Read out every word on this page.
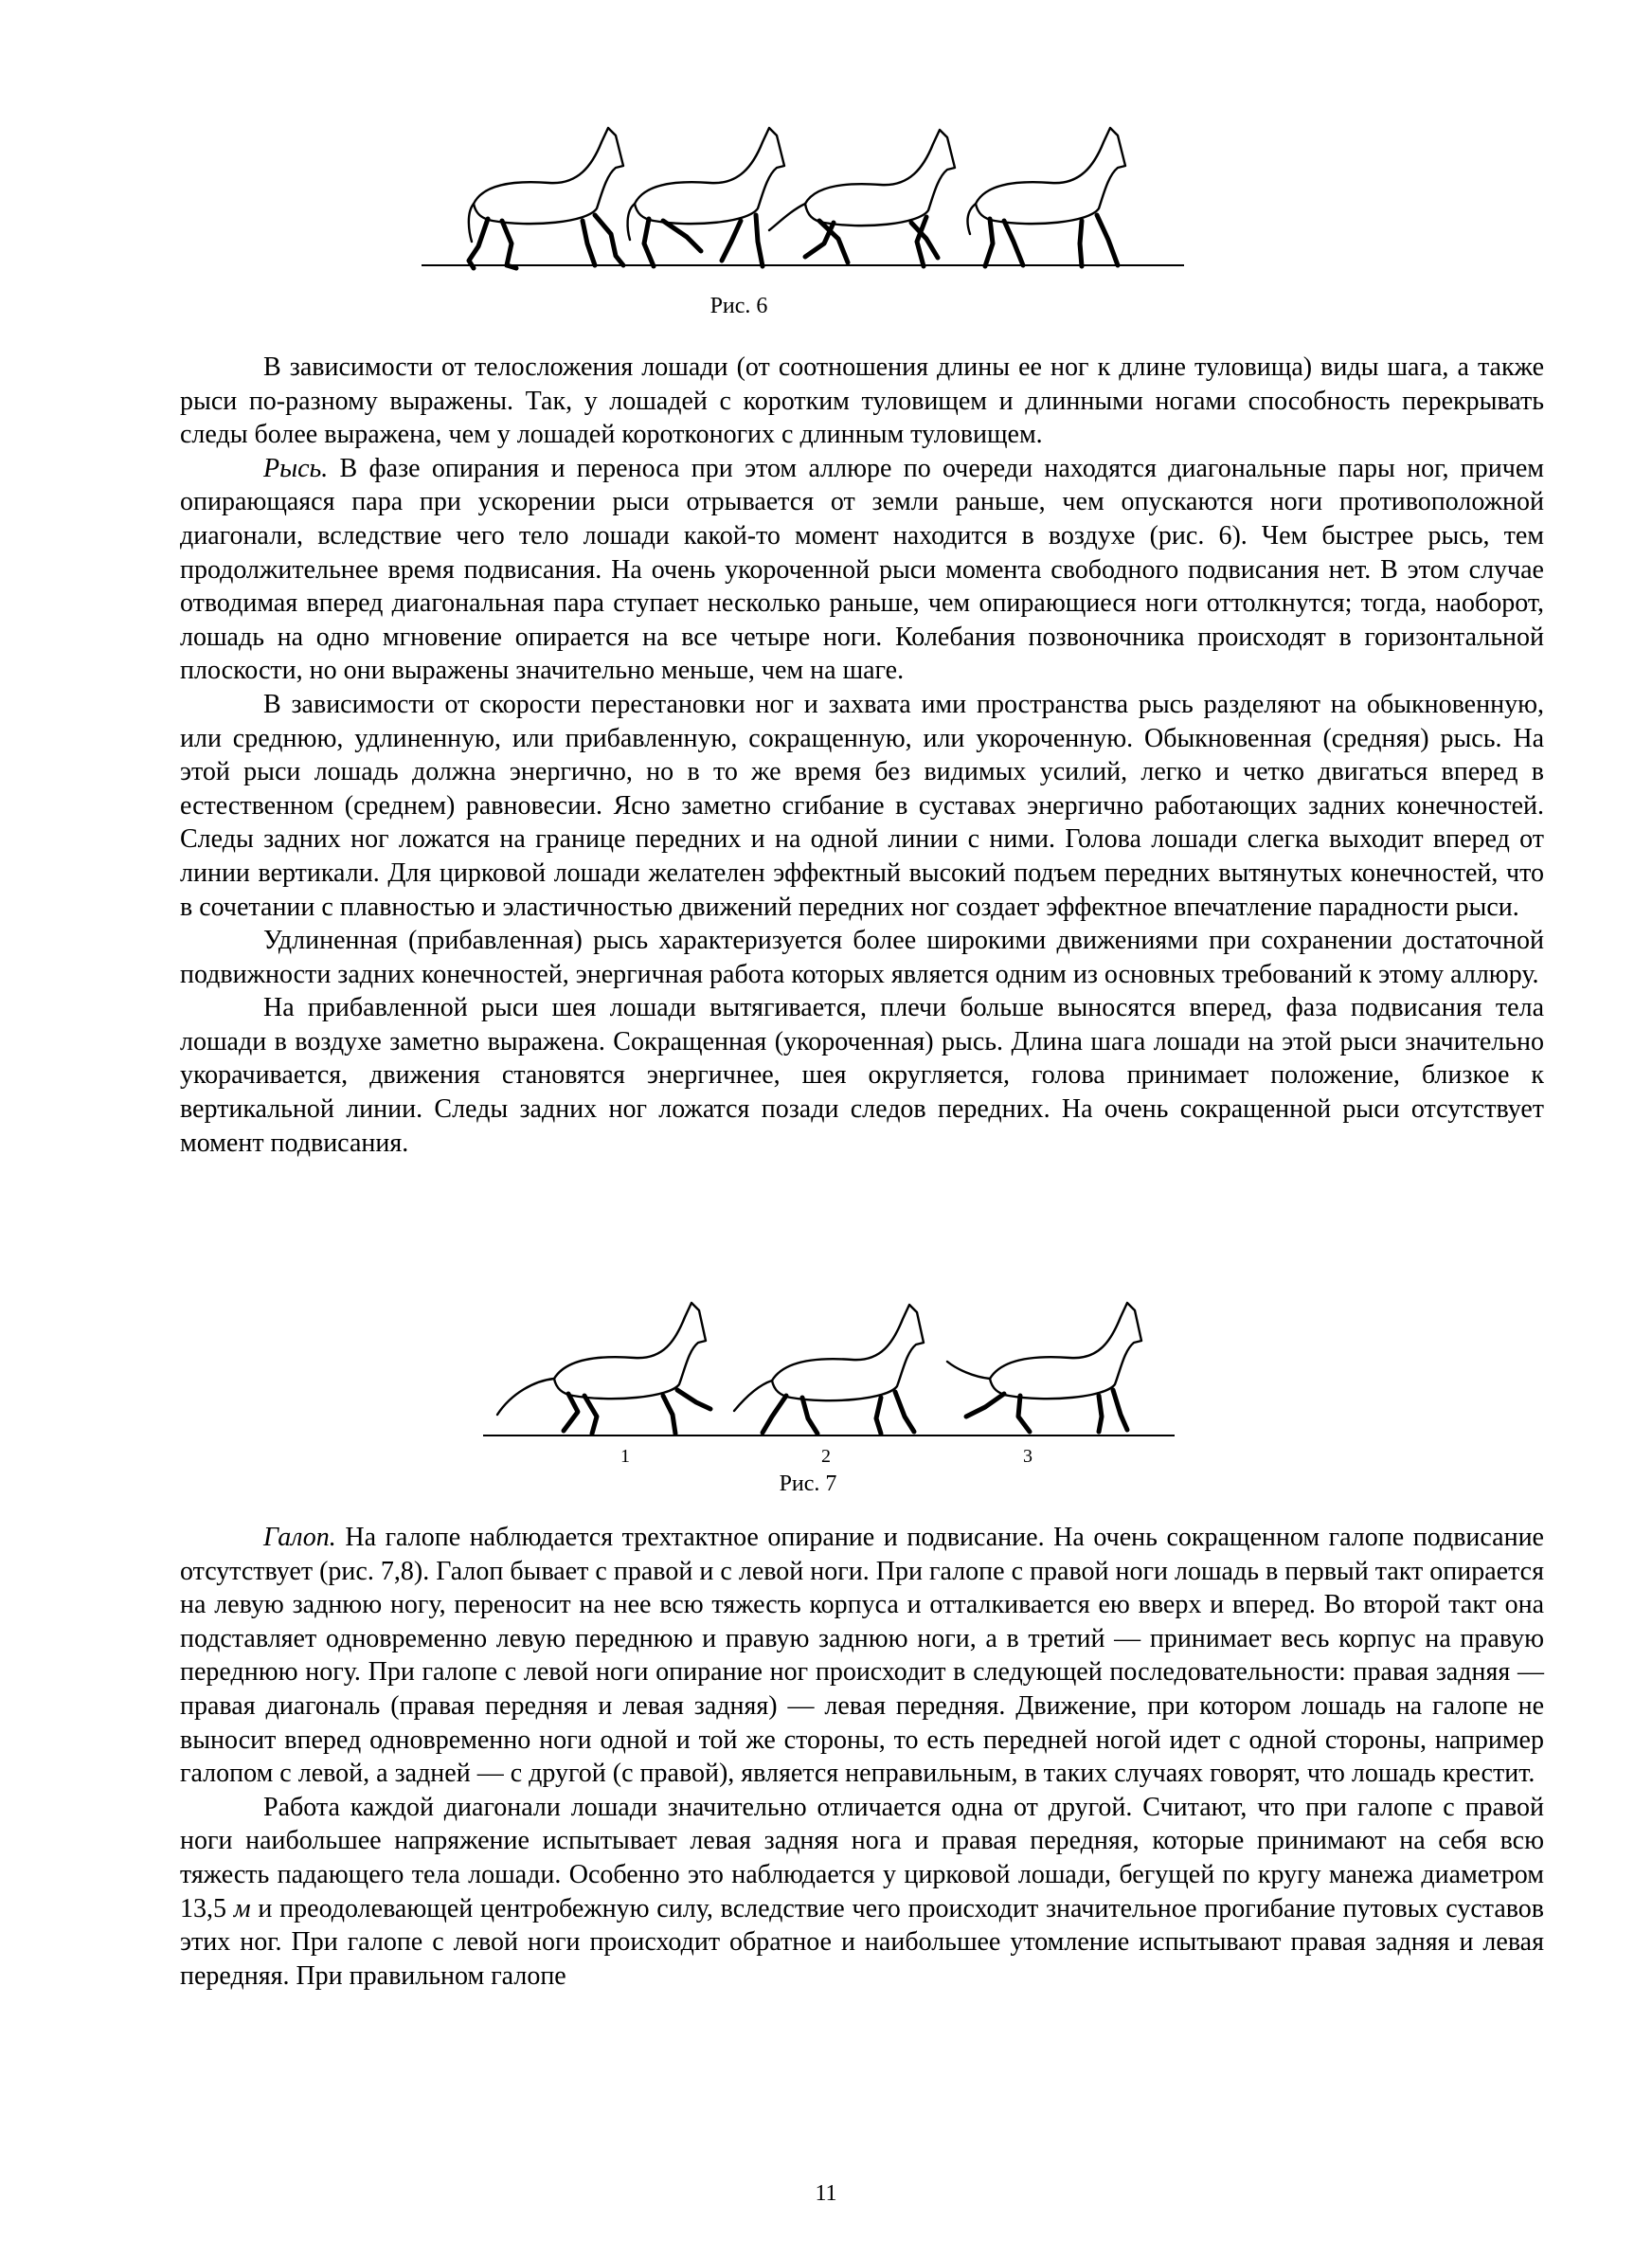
Рис. 6

В зависимости от телосложения лошади (от соотношения длины ее ног к длине туловища) виды шага, а также рыси по-разному выражены. Так, у лошадей с коротким туловищем и длинными ногами способность перекрывать следы более выражена, чем у лошадей коротконогих с длинным туловищем.

Рысь. В фазе опирания и переноса при этом аллюре по очереди находятся диагональные пары ног, причем опирающаяся пара при ускорении рыси отрывается от земли раньше, чем опускаются ноги противоположной диагонали, вследствие чего тело лошади какой-то момент находится в воздухе (рис. 6). Чем быстрее рысь, тем продолжительнее время подвисания. На очень укороченной рыси момента свободного подвисания нет. В этом случае отводимая вперед диагональная пара ступает несколько раньше, чем опирающиеся ноги оттолкнутся; тогда, наоборот, лошадь на одно мгновение опирается на все четыре ноги. Колебания позвоночника происходят в горизонтальной плоскости, но они выражены значительно меньше, чем на шаге.

В зависимости от скорости перестановки ног и захвата ими пространства рысь разделяют на обыкновенную, или среднюю, удлиненную, или прибавленную, сокращенную, или укороченную. Обыкновенная (средняя) рысь. На этой рыси лошадь должна энергично, но в то же время без видимых усилий, легко и четко двигаться вперед в естественном (среднем) равновесии. Ясно заметно сгибание в суставах энергично работающих задних конечностей. Следы задних ног ложатся на границе передних и на одной линии с ними. Голова лошади слегка выходит вперед от линии вертикали. Для цирковой лошади желателен эффектный высокий подъем передних вытянутых конечностей, что в сочетании с плавностью и эластичностью движений передних ног создает эффектное впечатление парадности рыси.

Удлиненная (прибавленная) рысь характеризуется более широкими движениями при сохранении достаточной подвижности задних конечностей, энергичная работа которых является одним из основных требований к этому аллюру.

На прибавленной рыси шея лошади вытягивается, плечи больше выносятся вперед, фаза подвисания тела лошади в воздухе заметно выражена. Сокращенная (укороченная) рысь. Длина шага лошади на этой рыси значительно укорачивается, движения становятся энергичнее, шея округляется, голова принимает положение, близкое к вертикальной линии. Следы задних ног ложатся позади следов передних. На очень сокращенной рыси отсутствует момент подвисания.

1	2	3
Рис. 7

Галоп. На галопе наблюдается трехтактное опирание и подвисание. На очень сокращенном галопе подвисание отсутствует (рис. 7,8). Галоп бывает с правой и с левой ноги. При галопе с правой ноги лошадь в первый такт опирается на левую заднюю ногу, переносит на нее всю тяжесть корпуса и отталкивается ею вверх и вперед. Во второй такт она подставляет одновременно левую переднюю и правую заднюю ноги, а в третий — принимает весь корпус на правую переднюю ногу. При галопе с левой ноги опирание ног происходит в следующей последовательности: правая задняя — правая диагональ (правая передняя и левая задняя) — левая передняя. Движение, при котором лошадь на галопе не выносит вперед одновременно ноги одной и той же стороны, то есть передней ногой идет с одной стороны, например галопом с левой, а задней — с другой (с правой), является неправильным, в таких случаях говорят, что лошадь крестит.

Работа каждой диагонали лошади значительно отличается одна от другой. Считают, что при галопе с правой ноги наибольшее напряжение испытывает левая задняя нога и правая передняя, которые принимают на себя всю тяжесть падающего тела лошади. Особенно это наблюдается у цирковой лошади, бегущей по кругу манежа диаметром 13,5 м и преодолевающей центробежную силу, вследствие чего происходит значительное прогибание путовых суставов этих ног. При галопе с левой ноги происходит обратное и наибольшее утомление испытывают правая задняя и левая передняя. При правильном галопе

11
